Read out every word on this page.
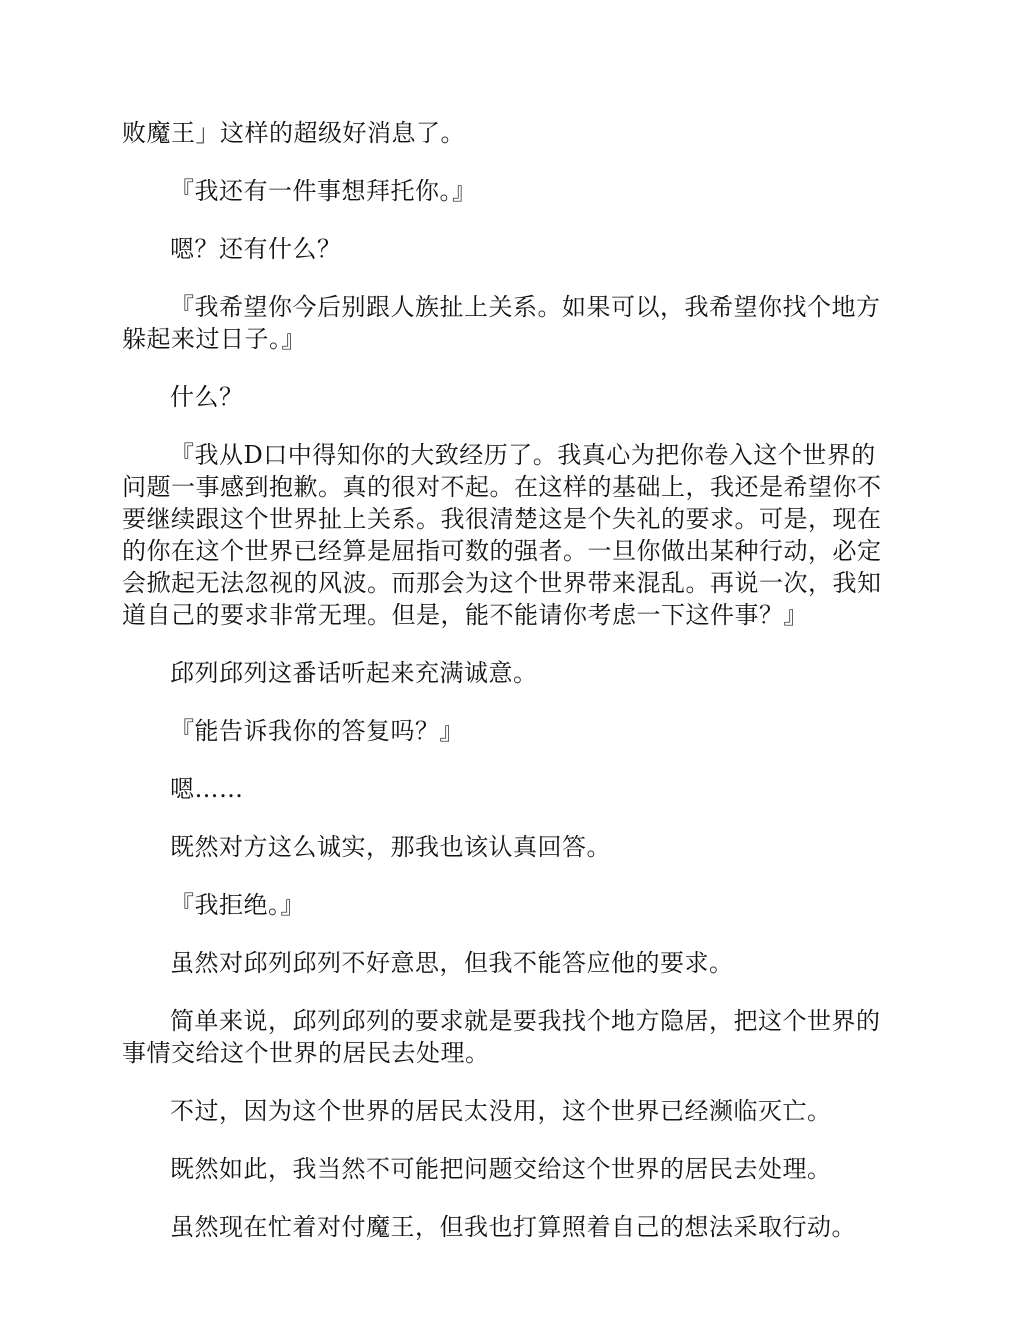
败魔王」这样的超级好消息了。

『我还有一件事想拜托你。』

嗯？还有什么？

『我希望你今后别跟人族扯上关系。如果可以，我希望你找个地方
躲起来过日子。』

什么？

『我从D口中得知你的大致经历了。我真心为把你卷入这个世界的
问题一事感到抱歉。真的很对不起。在这样的基础上，我还是希望你不
要继续跟这个世界扯上关系。我很清楚这是个失礼的要求。可是，现在
的你在这个世界已经算是屈指可数的强者。一旦你做出某种行动，必定
会掀起无法忽视的风波。而那会为这个世界带来混乱。再说一次，我知
道自己的要求非常无理。但是，能不能请你考虑一下这件事？』

邱列邱列这番话听起来充满诚意。

『能告诉我你的答复吗？』

嗯……

既然对方这么诚实，那我也该认真回答。

『我拒绝。』

虽然对邱列邱列不好意思，但我不能答应他的要求。

简单来说，邱列邱列的要求就是要我找个地方隐居，把这个世界的
事情交给这个世界的居民去处理。

不过，因为这个世界的居民太没用，这个世界已经濒临灭亡。

既然如此，我当然不可能把问题交给这个世界的居民去处理。

虽然现在忙着对付魔王，但我也打算照着自己的想法采取行动。
